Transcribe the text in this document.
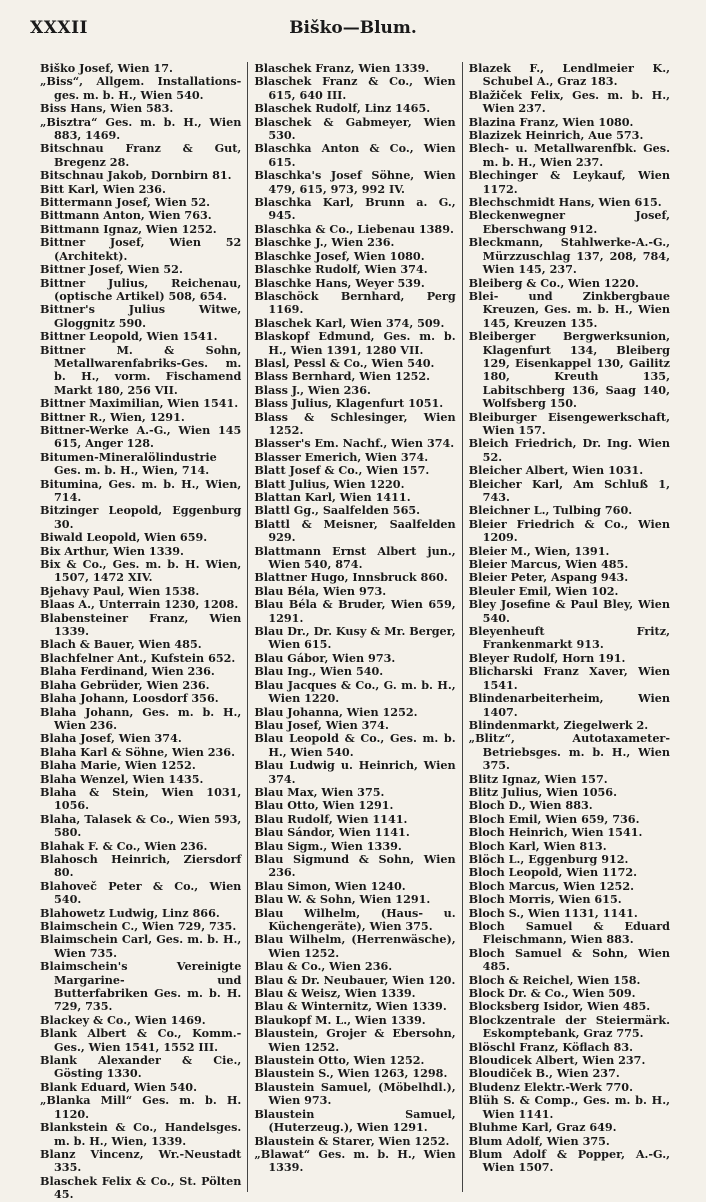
XXXII	Biško—Blum.

Biško Josef, Wien 17.

„Biss“, Allgem. Installations-ges. m. b. H., Wien 540.

Biss Hans, Wien 583.

„Bisztra“ Ges. m. b. H., Wien 883, 1469.

Bitschnau Franz & Gut, Bregenz 28.

Bitschnau Jakob, Dornbirn 81.

Bitt Karl, Wien 236.

Bittermann Josef, Wien 52.

Bittmann Anton, Wien 763.

Bittmann Ignaz, Wien 1252.

Bittner Josef, Wien 52 (Architekt).

Bittner Josef, Wien 52.

Bittner Julius, Reichenau, (optische Artikel) 508, 654.

Bittner's Julius Witwe, Gloggnitz 590.

Bittner Leopold, Wien 1541.

Bittner M. & Sohn, Metallwarenfabriks-Ges. m. b. H., vorm. Fischamend Markt 180, 256 VII.

Bittner Maximilian, Wien 1541.

Bittner R., Wien, 1291.

Bittner-Werke A.-G., Wien 145 615, Anger 128.

Bitumen-Mineralölindustrie Ges. m. b. H., Wien, 714.

Bitumina, Ges. m. b. H., Wien, 714.

Bitzinger Leopold, Eggenburg 30.

Biwald Leopold, Wien 659.

Bix Arthur, Wien 1339.

Bix & Co., Ges. m. b. H. Wien, 1507, 1472 XIV.

Bjehavy Paul, Wien 1538.

Blaas A., Unterrain 1230, 1208.

Blabensteiner Franz, Wien 1339.

Blach & Bauer, Wien 485.

Blachfelner Ant., Kufstein 652.

Blaha Ferdinand, Wien 236.

Blaha Gebrüder, Wien 236.

Blaha Johann, Loosdorf 356.

Blaha Johann, Ges. m. b. H., Wien 236.

Blaha Josef, Wien 374.

Blaha Karl & Söhne, Wien 236.

Blaha Marie, Wien 1252.

Blaha Wenzel, Wien 1435.

Blaha & Stein, Wien 1031, 1056.

Blaha, Talasek & Co., Wien 593, 580.

Blahak F. & Co., Wien 236.

Blahosch Heinrich, Ziersdorf 80.

Blahoveč Peter & Co., Wien 540.

Blahowetz Ludwig, Linz 866.

Blaimschein C., Wien 729, 735.

Blaimschein Carl, Ges. m. b. H., Wien 735.

Blaimschein's Vereinigte Margarine- und Butterfabriken Ges. m. b. H. 729, 735.

Blackey & Co., Wien 1469.

Blank Albert & Co., Komm.-Ges., Wien 1541, 1552 III.

Blank Alexander & Cie., Gösting 1330.

Blank Eduard, Wien 540.

„Blanka Mill“ Ges. m. b. H. 1120.

Blankstein & Co., Handelsges. m. b. H., Wien, 1339.

Blanz Vincenz, Wr.-Neustadt 335.

Blaschek Felix & Co., St. Pölten 45.

Blaschek Franz, Wien 1339.

Blaschek Franz & Co., Wien 615, 640 III.

Blaschek Rudolf, Linz 1465.

Blaschek & Gabmeyer, Wien 530.

Blaschka Anton & Co., Wien 615.

Blaschka's Josef Söhne, Wien 479, 615, 973, 992 IV.

Blaschka Karl, Brunn a. G., 945.

Blaschka & Co., Liebenau 1389.

Blaschke J., Wien 236.

Blaschke Josef, Wien 1080.

Blaschke Rudolf, Wien 374.

Blaschke Hans, Weyer 539.

Blaschöck Bernhard, Perg 1169.

Blaschek Karl, Wien 374, 509.

Blaskopf Edmund, Ges. m. b. H., Wien 1391, 1280 VII.

Blasl, Pessl & Co., Wien 540.

Blass Bernhard, Wien 1252.

Blass J., Wien 236.

Blass Julius, Klagenfurt 1051.

Blass & Schlesinger, Wien 1252.

Blasser's Em. Nachf., Wien 374.

Blasser Emerich, Wien 374.

Blatt Josef & Co., Wien 157.

Blatt Julius, Wien 1220.

Blattan Karl, Wien 1411.

Blattl Gg., Saalfelden 565.

Blattl & Meisner, Saalfelden 929.

Blattmann Ernst Albert jun., Wien 540, 874.

Blattner Hugo, Innsbruck 860.

Blau Béla, Wien 973.

Blau Béla & Bruder, Wien 659, 1291.

Blau Dr., Dr. Kusy & Mr. Berger, Wien 615.

Blau Gábor, Wien 973.

Blau Ing., Wien 540.

Blau Jacques & Co., G. m. b. H., Wien 1220.

Blau Johanna, Wien 1252.

Blau Josef, Wien 374.

Blau Leopold & Co., Ges. m. b. H., Wien 540.

Blau Ludwig u. Heinrich, Wien 374.

Blau Max, Wien 375.

Blau Otto, Wien 1291.

Blau Rudolf, Wien 1141.

Blau Sándor, Wien 1141.

Blau Sigm., Wien 1339.

Blau Sigmund & Sohn, Wien 236.

Blau Simon, Wien 1240.

Blau W. & Sohn, Wien 1291.

Blau Wilhelm, (Haus- u. Küchengeräte), Wien 375.

Blau Wilhelm, (Herrenwäsche), Wien 1252.

Blau & Co., Wien 236.

Blau & Dr. Neubauer, Wien 120.

Blau & Weisz, Wien 1339.

Blau & Winternitz, Wien 1339.

Blaukopf M. L., Wien 1339.

Blaustein, Grojer & Ebersohn, Wien 1252.

Blaustein Otto, Wien 1252.

Blaustein S., Wien 1263, 1298.

Blaustein Samuel, (Möbelhdl.), Wien 973.

Blaustein Samuel, (Huterzeug.), Wien 1291.

Blaustein & Starer, Wien 1252.

„Blawat“ Ges. m. b. H., Wien 1339.

Blazek F., Lendlmeier K., Schubel A., Graz 183.

Blažiček Felix, Ges. m. b. H., Wien 237.

Blazina Franz, Wien 1080.

Blazizek Heinrich, Aue 573.

Blech- u. Metallwarenfbk. Ges. m. b. H., Wien 237.

Blechinger & Leykauf, Wien 1172.

Blechschmidt Hans, Wien 615.

Bleckenwegner Josef, Eberschwang 912.

Bleckmann, Stahlwerke-A.-G., Mürzzuschlag 137, 208, 784, Wien 145, 237.

Bleiberg & Co., Wien 1220.

Blei- und Zinkbergbaue Kreuzen, Ges. m. b. H., Wien 145, Kreuzen 135.

Bleiberger Bergwerksunion, Klagenfurt 134, Bleiberg 129, Eisenkappel 130, Gailitz 180, Kreuth 135, Labitschberg 136, Saag 140, Wolfsberg 150.

Bleiburger Eisengewerkschaft, Wien 157.

Bleich Friedrich, Dr. Ing. Wien 52.

Bleicher Albert, Wien 1031.

Bleicher Karl, Am Schluß 1, 743.

Bleichner L., Tulbing 760.

Bleier Friedrich & Co., Wien 1209.

Bleier M., Wien, 1391.

Bleier Marcus, Wien 485.

Bleier Peter, Aspang 943.

Bleuler Emil, Wien 102.

Bley Josefine & Paul Bley, Wien 540.

Bleyenheuft Fritz, Frankenmarkt 913.

Bleyer Rudolf, Horn 191.

Blicharski Franz Xaver, Wien 1541.

Blindenarbeiterheim, Wien 1407.

Blindenmarkt, Ziegelwerk 2.

„Blitz“, Autotaxameter-Betriebsges. m. b. H., Wien 375.

Blitz Ignaz, Wien 157.

Blitz Julius, Wien 1056.

Bloch D., Wien 883.

Bloch Emil, Wien 659, 736.

Bloch Heinrich, Wien 1541.

Bloch Karl, Wien 813.

Blöch L., Eggenburg 912.

Bloch Leopold, Wien 1172.

Bloch Marcus, Wien 1252.

Bloch Morris, Wien 615.

Bloch S., Wien 1131, 1141.

Bloch Samuel & Eduard Fleischmann, Wien 883.

Bloch Samuel & Sohn, Wien 485.

Bloch & Reichel, Wien 158.

Block Dr. & Co., Wien 509.

Blocksberg Isidor, Wien 485.

Blockzentrale der Steiermärk. Eskomptebank, Graz 775.

Blöschl Franz, Köflach 83.

Bloudicek Albert, Wien 237.

Bloudiček B., Wien 237.

Bludenz Elektr.-Werk 770.

Blüh S. & Comp., Ges. m. b. H., Wien 1141.

Bluhme Karl, Graz 649.

Blum Adolf, Wien 375.

Blum Adolf & Popper, A.-G., Wien 1507.
